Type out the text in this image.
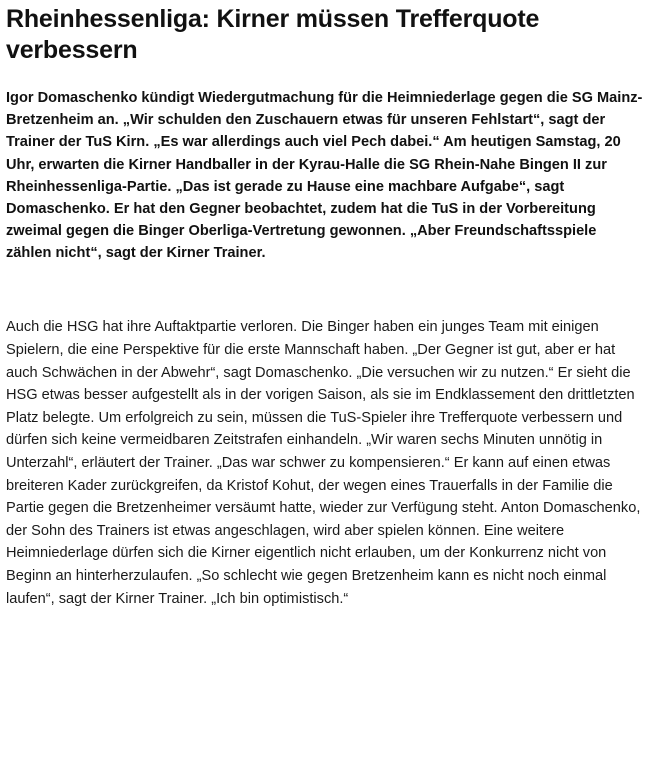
Rheinhessenliga: Kirner müssen Trefferquote verbessern

Igor Domaschenko kündigt Wiedergutmachung für die Heimniederlage gegen die SG Mainz-Bretzenheim an. „Wir schulden den Zuschauern etwas für unseren Fehlstart“, sagt der Trainer der TuS Kirn. „Es war allerdings auch viel Pech dabei.“ Am heutigen Samstag, 20 Uhr, erwarten die Kirner Handballer in der Kyrau-Halle die SG Rhein-Nahe Bingen II zur Rheinhessenliga-Partie. „Das ist gerade zu Hause eine machbare Aufgabe“, sagt Domaschenko. Er hat den Gegner beobachtet, zudem hat die TuS in der Vorbereitung zweimal gegen die Binger Oberliga-Vertretung gewonnen. „Aber Freundschaftsspiele zählen nicht“, sagt der Kirner Trainer.

Auch die HSG hat ihre Auftaktpartie verloren. Die Binger haben ein junges Team mit einigen Spielern, die eine Perspektive für die erste Mannschaft haben. „Der Gegner ist gut, aber er hat auch Schwächen in der Abwehr“, sagt Domaschenko. „Die versuchen wir zu nutzen.“ Er sieht die HSG etwas besser aufgestellt als in der vorigen Saison, als sie im Endklassement den drittletzten Platz belegte. Um erfolgreich zu sein, müssen die TuS-Spieler ihre Trefferquote verbessern und dürfen sich keine vermeidbaren Zeitstrafen einhandeln. „Wir waren sechs Minuten unnötig in Unterzahl“, erläutert der Trainer. „Das war schwer zu kompensieren.“ Er kann auf einen etwas breiteren Kader zurückgreifen, da Kristof Kohut, der wegen eines Trauerfalls in der Familie die Partie gegen die Bretzenheimer versäumt hatte, wieder zur Verfügung steht. Anton Domaschenko, der Sohn des Trainers ist etwas angeschlagen, wird aber spielen können. Eine weitere Heimniederlage dürfen sich die Kirner eigentlich nicht erlauben, um der Konkurrenz nicht von Beginn an hinterherzulaufen. „So schlecht wie gegen Bretzenheim kann es nicht noch einmal laufen“, sagt der Kirner Trainer. „Ich bin optimistisch.“
